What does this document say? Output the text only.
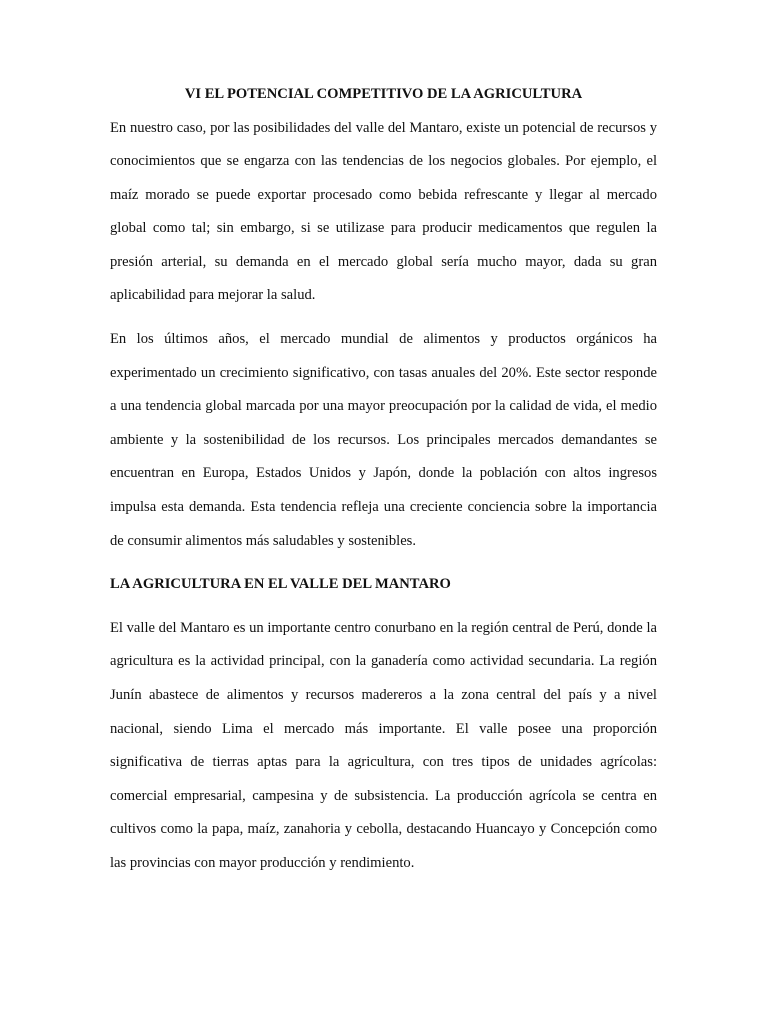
VI EL POTENCIAL COMPETITIVO DE LA AGRICULTURA

En nuestro caso, por las posibilidades del valle del Mantaro, existe un potencial de recursos y conocimientos que se engarza con las tendencias de los negocios globales. Por ejemplo, el maíz morado se puede exportar procesado como bebida refrescante y llegar al mercado global como tal; sin embargo, si se utilizase para producir medicamentos que regulen la presión arterial, su demanda en el mercado global sería mucho mayor, dada su gran aplicabilidad para mejorar la salud.

En los últimos años, el mercado mundial de alimentos y productos orgánicos ha experimentado un crecimiento significativo, con tasas anuales del 20%. Este sector responde a una tendencia global marcada por una mayor preocupación por la calidad de vida, el medio ambiente y la sostenibilidad de los recursos. Los principales mercados demandantes se encuentran en Europa, Estados Unidos y Japón, donde la población con altos ingresos impulsa esta demanda. Esta tendencia refleja una creciente conciencia sobre la importancia de consumir alimentos más saludables y sostenibles.

LA AGRICULTURA EN EL VALLE DEL MANTARO

El valle del Mantaro es un importante centro conurbano en la región central de Perú, donde la agricultura es la actividad principal, con la ganadería como actividad secundaria. La región Junín abastece de alimentos y recursos madereros a la zona central del país y a nivel nacional, siendo Lima el mercado más importante. El valle posee una proporción significativa de tierras aptas para la agricultura, con tres tipos de unidades agrícolas: comercial empresarial, campesina y de subsistencia. La producción agrícola se centra en cultivos como la papa, maíz, zanahoria y cebolla, destacando Huancayo y Concepción como las provincias con mayor producción y rendimiento.
